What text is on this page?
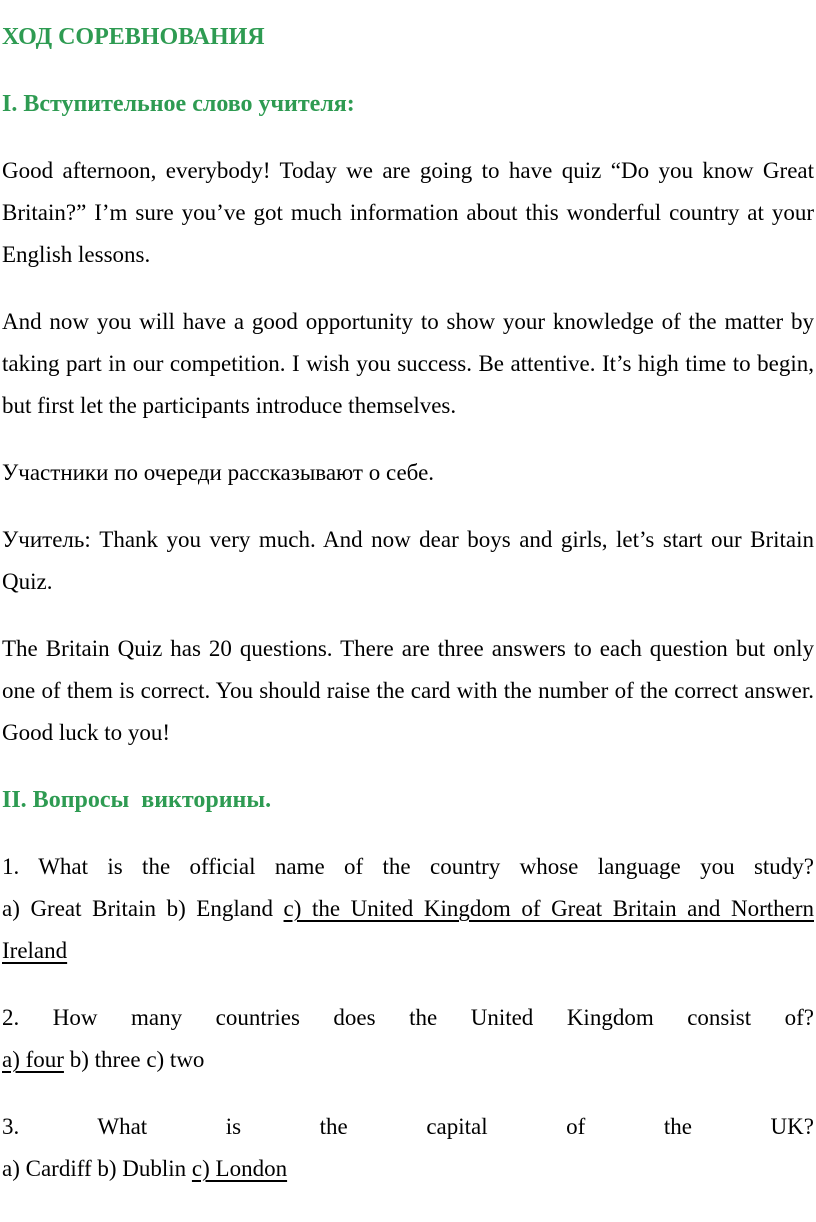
ХОД СОРЕВНОВАНИЯ
I. Вступительное слово учителя:

Good afternoon, everybody! Today we are going to have quiz “Do you know Great Britain?” I’m sure you’ve got much information about this wonderful country at your English lessons.

And now you will have a good opportunity to show your knowledge of the matter by taking part in our competition. I wish you success. Be attentive. It’s high time to begin, but first let the participants introduce themselves.

Участники по очереди рассказывают о себе.

Учитель: Thank you very much. And now dear boys and girls, let’s start our Britain Quiz.

The Britain Quiz has 20 questions. There are three answers to each question but only one of them is correct. You should raise the card with the number of the correct answer. Good luck to you!

II. Вопросы  викторины.
1. What is the official name of the country whose language you study?
a) Great Britain b) England c) the United Kingdom of Great Britain and Northern Ireland
2. How many countries does the United Kingdom consist of?
a) four b) three c) two
3. What is the capital of the UK?
a) Cardiff b) Dublin c) London
